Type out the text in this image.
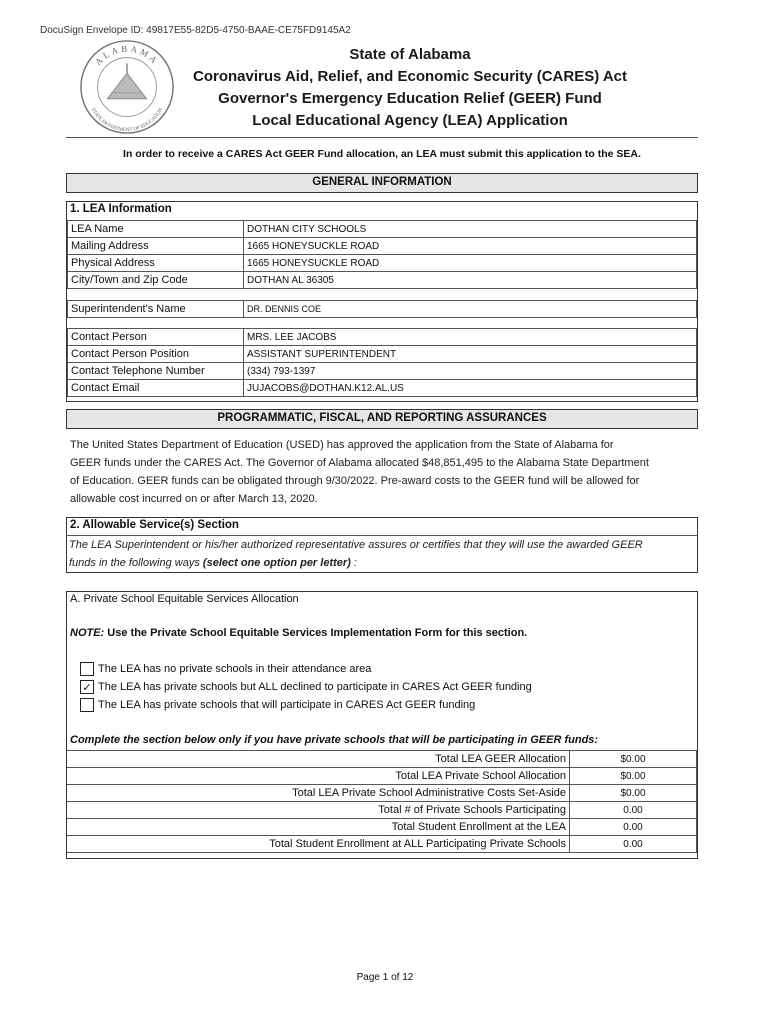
DocuSign Envelope ID: 49817E55-82D5-4750-BAAE-CE75FD9145A2
ALABAMA
STATE DEPARTMENT OF EDUCATION
State of Alabama
Coronavirus Aid, Relief, and Economic Security (CARES) Act
Governor's Emergency Education Relief (GEER) Fund
Local Educational Agency (LEA) Application
In order to receive a CARES Act GEER Fund allocation, an LEA must submit this application to the SEA.
GENERAL INFORMATION
1. LEA Information
LEA Name	DOTHAN CITY SCHOOLS
Mailing Address	1665 HONEYSUCKLE ROAD
Physical Address	1665 HONEYSUCKLE ROAD
City/Town and Zip Code	DOTHAN AL 36305
Superintendent's Name	DR. DENNIS COE
Contact Person	MRS. LEE JACOBS
Contact Person Position	ASSISTANT SUPERINTENDENT
Contact Telephone Number	(334) 793-1397
Contact Email	JUJACOBS@DOTHAN.K12.AL.US
PROGRAMMATIC, FISCAL, AND REPORTING ASSURANCES
The United States Department of Education (USED) has approved the application from the State of Alabama for
GEER funds under the CARES Act. The Governor of Alabama allocated $48,851,495 to the Alabama State Department
of Education. GEER funds can be obligated through 9/30/2022. Pre-award costs to the GEER fund will be allowed for
allowable cost incurred on or after March 13, 2020.
2. Allowable Service(s) Section
The LEA Superintendent or his/her authorized representative assures or certifies that they will use the awarded GEER
funds in the following ways (select one option per letter) :
A. Private School Equitable Services Allocation
NOTE: Use the Private School Equitable Services Implementation Form for this section.
The LEA has no private schools in their attendance area
✓ The LEA has private schools but ALL declined to participate in CARES Act GEER funding
The LEA has private schools that will participate in CARES Act GEER funding
Complete the section below only if you have private schools that will be participating in GEER funds:
Total LEA GEER Allocation	$0.00
Total LEA Private School Allocation	$0.00
Total LEA Private School Administrative Costs Set-Aside	$0.00
Total # of Private Schools Participating	0.00
Total Student Enrollment at the LEA	0.00
Total Student Enrollment at ALL Participating Private Schools	0.00
Page 1 of 12
